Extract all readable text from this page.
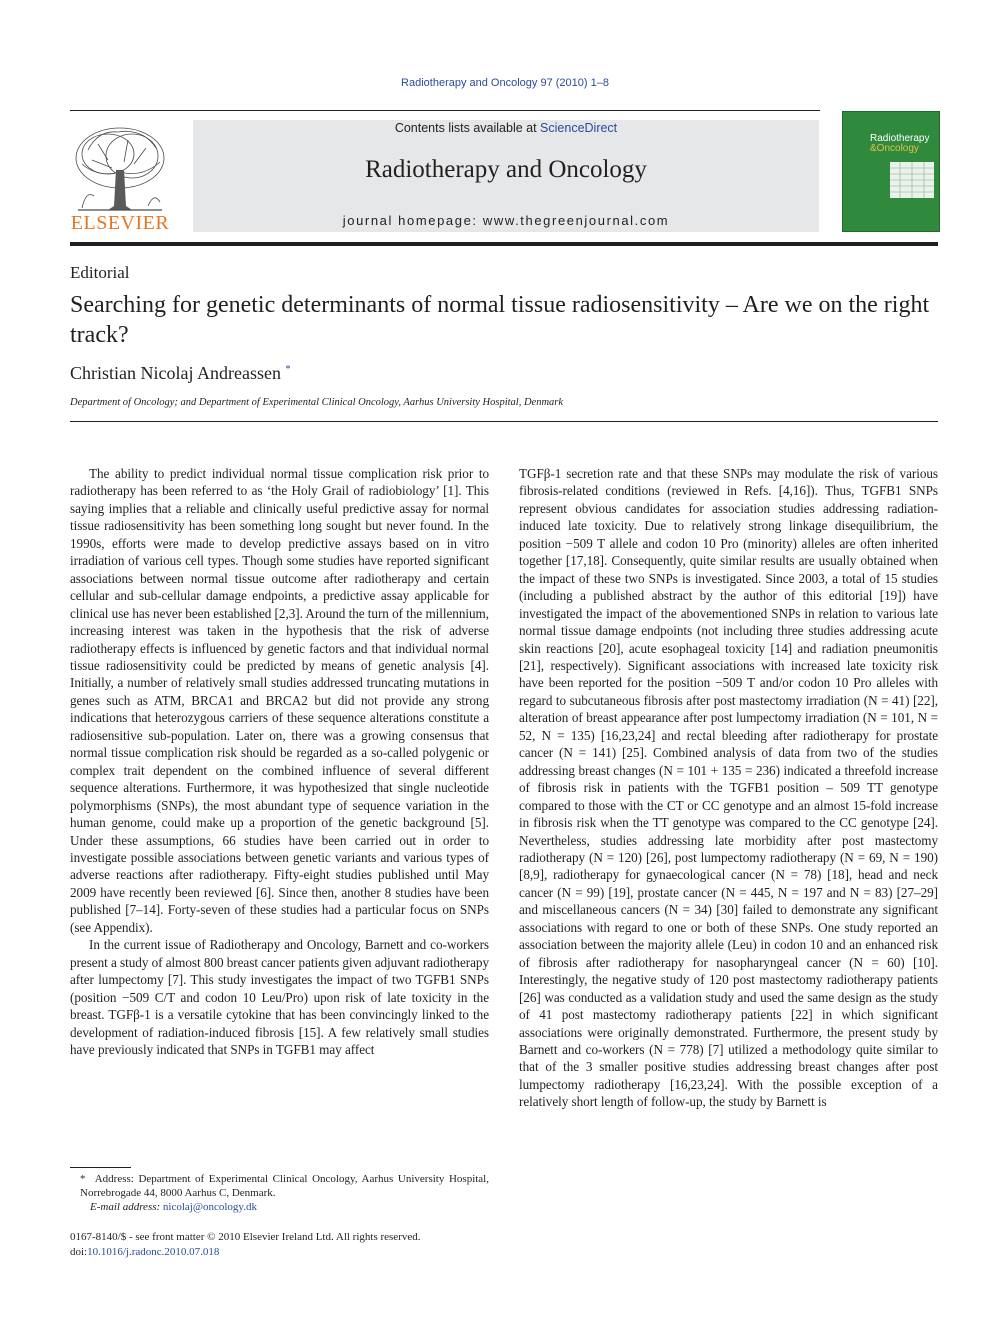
Radiotherapy and Oncology 97 (2010) 1–8
ELSEVIER
Contents lists available at ScienceDirect
Radiotherapy and Oncology
journal homepage: www.thegreenjournal.com
Radiotherapy
&Oncology
Editorial
Searching for genetic determinants of normal tissue radiosensitivity – Are we on the right track?
Christian Nicolaj Andreassen *
Department of Oncology; and Department of Experimental Clinical Oncology, Aarhus University Hospital, Denmark

The ability to predict individual normal tissue complication risk prior to radiotherapy has been referred to as ‘the Holy Grail of radiobiology’ [1]. This saying implies that a reliable and clinically useful predictive assay for normal tissue radiosensitivity has been something long sought but never found. In the 1990s, efforts were made to develop predictive assays based on in vitro irradiation of various cell types. Though some studies have reported significant associations between normal tissue outcome after radiotherapy and certain cellular and sub-cellular damage endpoints, a predictive assay applicable for clinical use has never been established [2,3]. Around the turn of the millennium, increasing interest was taken in the hypothesis that the risk of adverse radiotherapy effects is influenced by genetic factors and that individual normal tissue radiosensitivity could be predicted by means of genetic analysis [4]. Initially, a number of relatively small studies addressed truncating mutations in genes such as ATM, BRCA1 and BRCA2 but did not provide any strong indications that heterozygous carriers of these sequence alterations constitute a radiosensitive sub-population. Later on, there was a growing consensus that normal tissue complication risk should be regarded as a so-called polygenic or complex trait dependent on the combined influence of several different sequence alterations. Furthermore, it was hypothesized that single nucleotide polymorphisms (SNPs), the most abundant type of sequence variation in the human genome, could make up a proportion of the genetic background [5]. Under these assumptions, 66 studies have been carried out in order to investigate possible associations between genetic variants and various types of adverse reactions after radiotherapy. Fifty-eight studies published until May 2009 have recently been reviewed [6]. Since then, another 8 studies have been published [7–14]. Forty-seven of these studies had a particular focus on SNPs (see Appendix).

In the current issue of Radiotherapy and Oncology, Barnett and co-workers present a study of almost 800 breast cancer patients given adjuvant radiotherapy after lumpectomy [7]. This study investigates the impact of two TGFB1 SNPs (position −509 C/T and codon 10 Leu/Pro) upon risk of late toxicity in the breast. TGFβ-1 is a versatile cytokine that has been convincingly linked to the development of radiation-induced fibrosis [15]. A few relatively small studies have previously indicated that SNPs in TGFB1 may affect

TGFβ-1 secretion rate and that these SNPs may modulate the risk of various fibrosis-related conditions (reviewed in Refs. [4,16]). Thus, TGFB1 SNPs represent obvious candidates for association studies addressing radiation-induced late toxicity. Due to relatively strong linkage disequilibrium, the position −509 T allele and codon 10 Pro (minority) alleles are often inherited together [17,18]. Consequently, quite similar results are usually obtained when the impact of these two SNPs is investigated. Since 2003, a total of 15 studies (including a published abstract by the author of this editorial [19]) have investigated the impact of the abovementioned SNPs in relation to various late normal tissue damage endpoints (not including three studies addressing acute skin reactions [20], acute esophageal toxicity [14] and radiation pneumonitis [21], respectively). Significant associations with increased late toxicity risk have been reported for the position −509 T and/or codon 10 Pro alleles with regard to subcutaneous fibrosis after post mastectomy irradiation (N = 41) [22], alteration of breast appearance after post lumpectomy irradiation (N = 101, N = 52, N = 135) [16,23,24] and rectal bleeding after radiotherapy for prostate cancer (N = 141) [25]. Combined analysis of data from two of the studies addressing breast changes (N = 101 + 135 = 236) indicated a threefold increase of fibrosis risk in patients with the TGFB1 position – 509 TT genotype compared to those with the CT or CC genotype and an almost 15-fold increase in fibrosis risk when the TT genotype was compared to the CC genotype [24]. Nevertheless, studies addressing late morbidity after post mastectomy radiotherapy (N = 120) [26], post lumpectomy radiotherapy (N = 69, N = 190) [8,9], radiotherapy for gynaecological cancer (N = 78) [18], head and neck cancer (N = 99) [19], prostate cancer (N = 445, N = 197 and N = 83) [27–29] and miscellaneous cancers (N = 34) [30] failed to demonstrate any significant associations with regard to one or both of these SNPs. One study reported an association between the majority allele (Leu) in codon 10 and an enhanced risk of fibrosis after radiotherapy for nasopharyngeal cancer (N = 60) [10]. Interestingly, the negative study of 120 post mastectomy radiotherapy patients [26] was conducted as a validation study and used the same design as the study of 41 post mastectomy radiotherapy patients [22] in which significant associations were originally demonstrated. Furthermore, the present study by Barnett and co-workers (N = 778) [7] utilized a methodology quite similar to that of the 3 smaller positive studies addressing breast changes after post lumpectomy radiotherapy [16,23,24]. With the possible exception of a relatively short length of follow-up, the study by Barnett is

* Address: Department of Experimental Clinical Oncology, Aarhus University Hospital, Norrebrogade 44, 8000 Aarhus C, Denmark.
E-mail address: nicolaj@oncology.dk
0167-8140/$ - see front matter © 2010 Elsevier Ireland Ltd. All rights reserved.
doi:10.1016/j.radonc.2010.07.018
